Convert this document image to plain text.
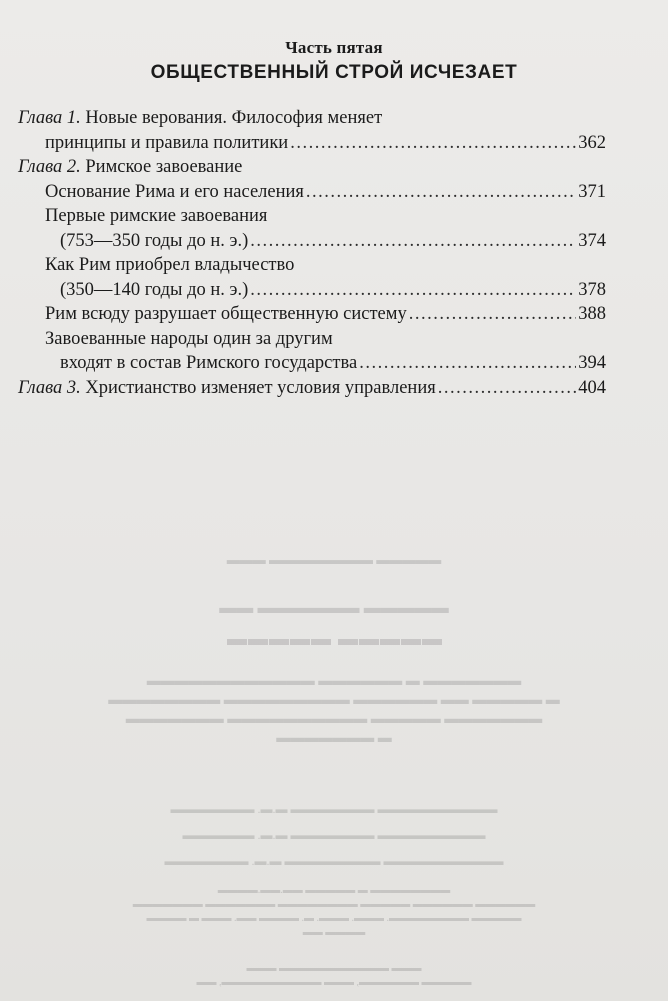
Часть пятая
ОБЩЕСТВЕННЫЙ СТРОЙ ИСЧЕЗАЕТ
Глава 1. Новые верования. Философия меняет
принципы и правила политики .....	362
Глава 2. Римское завоевание
Основание Рима и его населения .....	371
Первые римские завоевания
(753—350 годы до н. э.) .....	374
Как Рим приобрел владычество
(350—140 годы до н. э.) .....	378
Рим всюду разрушает общественную систему .....	388
Завоеванные народы один за другим
входят в состав Римского государства .....	394
Глава 3. Христианство изменяет условия управления .....	404
▬▬▬▬▬ ▬▬▬▬▬▬▬▬ ▬▬▬
▬▬▬▬▬ ▬▬▬▬▬▬ ▬▬
▬▬▬▬▬ ▬▬▬▬▬
▬▬▬▬▬▬▬ ▬ ▬▬▬▬▬▬ ▬▬▬▬▬▬▬▬▬▬▬▬
▬ ▬▬▬▬▬ ▬▬ ▬▬▬▬▬▬ ▬▬▬▬▬▬▬▬▬ ▬▬▬▬▬▬▬▬
▬▬▬▬▬▬▬ ▬▬▬▬▬ ▬▬▬▬▬▬▬▬▬▬ ▬▬▬▬▬▬▬
▬ ▬▬▬▬▬▬▬
▬▬▬▬▬▬▬▬▬▬ ▬▬▬▬▬▬▬ ▬.▬. ▬▬▬▬▬▬▬
▬▬▬▬▬▬▬▬▬ ▬▬▬▬▬▬▬ ▬.▬. ▬▬▬▬▬▬
▬▬▬▬▬▬▬▬▬▬ ▬▬▬▬▬▬▬▬ ▬.▬. ▬▬▬▬▬▬▬
▬▬▬▬▬▬▬▬ ▬ ▬▬▬▬▬ ▬▬.▬▬.▬▬▬▬
▬▬▬▬▬▬ ▬▬▬▬▬▬ ▬▬▬▬▬ ▬▬▬▬▬▬▬▬ ▬▬▬▬▬▬▬ ▬▬▬▬▬▬▬
▬▬▬▬▬ ▬▬▬▬▬▬▬▬. ▬▬▬. ▬▬▬. ▬. ▬▬▬▬ ▬▬. ▬▬▬ ▬ ▬▬▬▬
▬▬▬▬ ▬▬
▬▬▬ ▬▬▬▬▬▬▬▬▬▬▬ ▬▬▬
▬▬▬▬▬ ▬▬▬▬▬▬, ▬▬▬ ▬▬▬▬▬▬▬▬▬▬, ▬▬
